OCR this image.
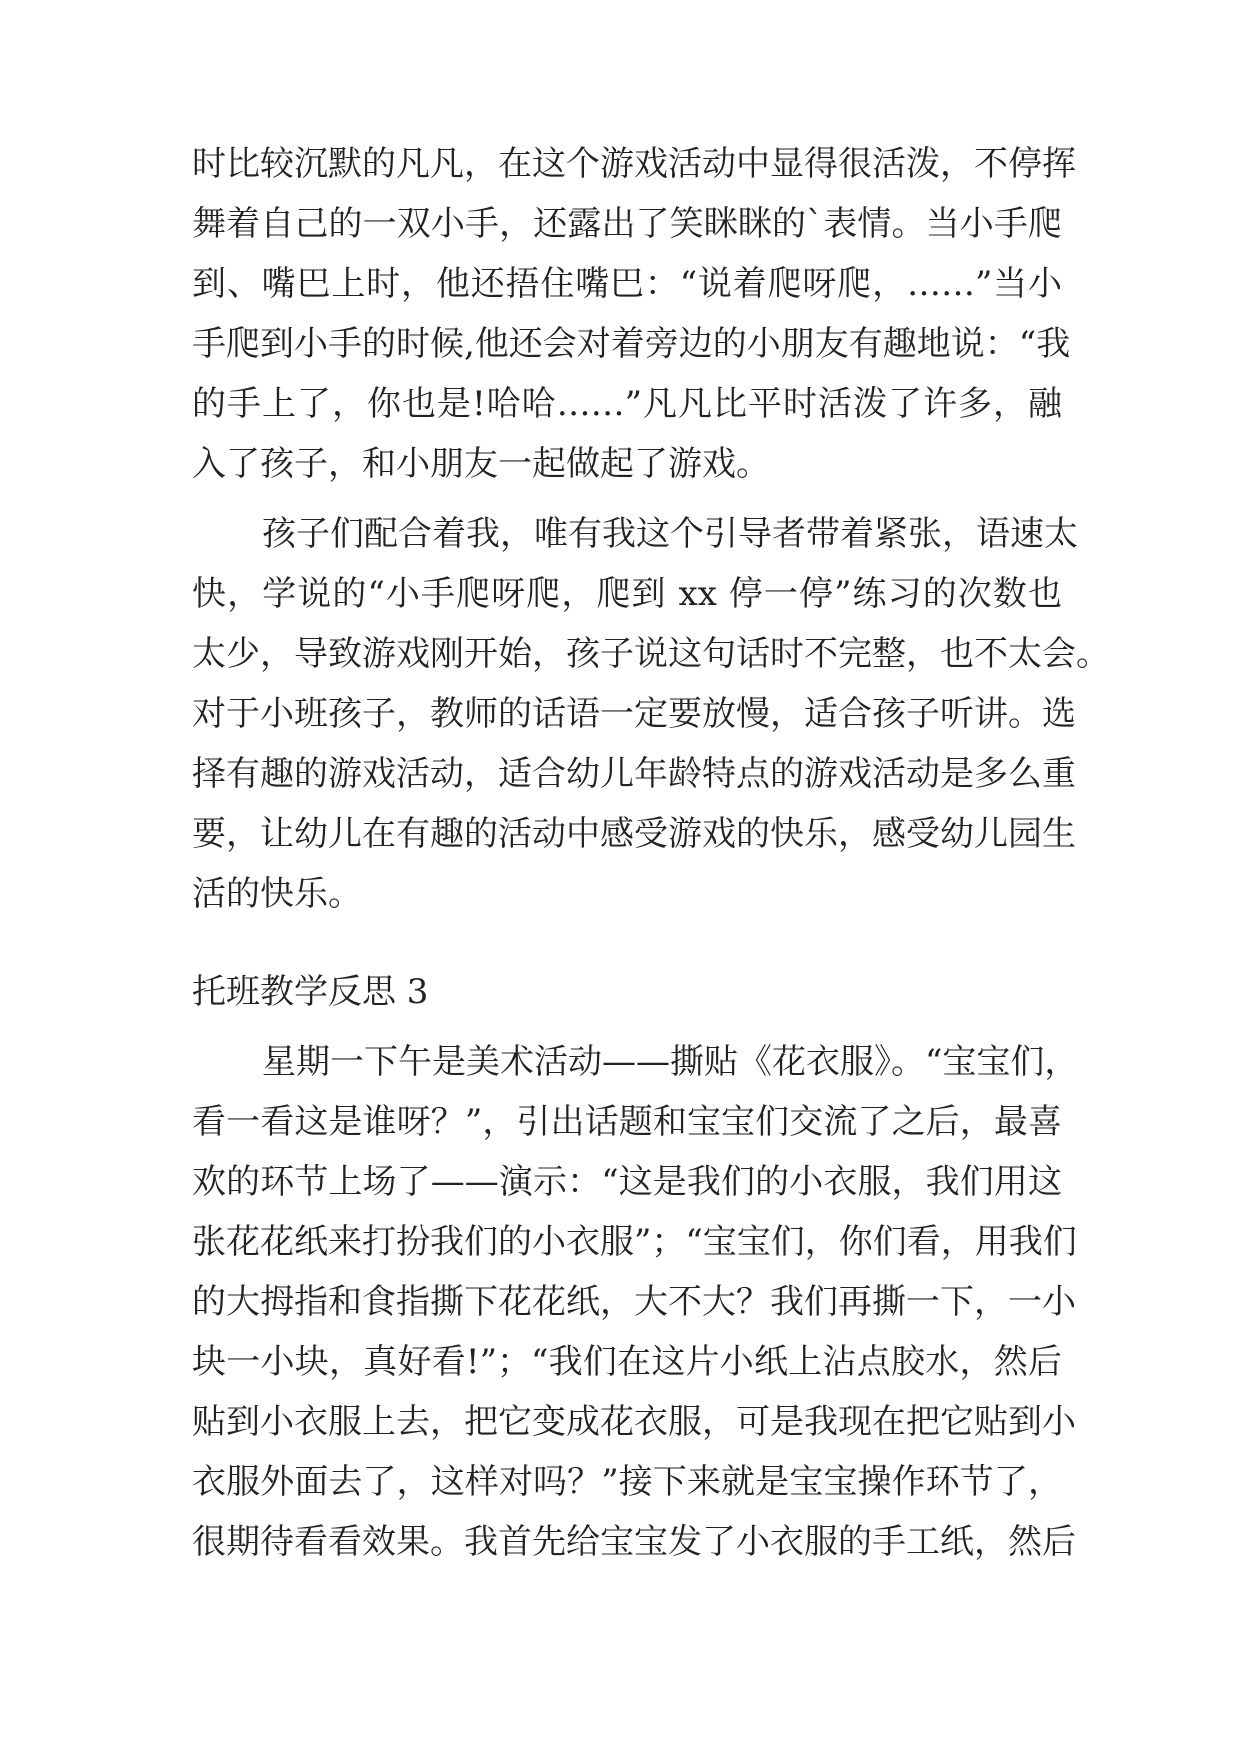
时比较沉默的凡凡，在这个游戏活动中显得很活泼，不停挥
舞着自己的一双小手，还露出了笑眯眯的`表情。当小手爬
到、嘴巴上时，他还捂住嘴巴：“说着爬呀爬，……”当小
手爬到小手的时候,他还会对着旁边的小朋友有趣地说：“我
的手上了，你也是!哈哈……”凡凡比平时活泼了许多，融
入了孩子，和小朋友一起做起了游戏。
孩子们配合着我，唯有我这个引导者带着紧张，语速太
快，学说的“小手爬呀爬，爬到 xx 停一停”练习的次数也
太少，导致游戏刚开始，孩子说这句话时不完整，也不太会。
对于小班孩子，教师的话语一定要放慢，适合孩子听讲。选
择有趣的游戏活动，适合幼儿年龄特点的游戏活动是多么重
要，让幼儿在有趣的活动中感受游戏的快乐，感受幼儿园生
活的快乐。
托班教学反思 3
星期一下午是美术活动——撕贴《花衣服》。“宝宝们，
看一看这是谁呀？”，引出话题和宝宝们交流了之后，最喜
欢的环节上场了——演示：“这是我们的小衣服，我们用这
张花花纸来打扮我们的小衣服”；“宝宝们，你们看，用我们
的大拇指和食指撕下花花纸，大不大？我们再撕一下，一小
块一小块，真好看!”；“我们在这片小纸上沾点胶水，然后
贴到小衣服上去，把它变成花衣服，可是我现在把它贴到小
衣服外面去了，这样对吗？”接下来就是宝宝操作环节了，
很期待看看效果。我首先给宝宝发了小衣服的手工纸，然后
